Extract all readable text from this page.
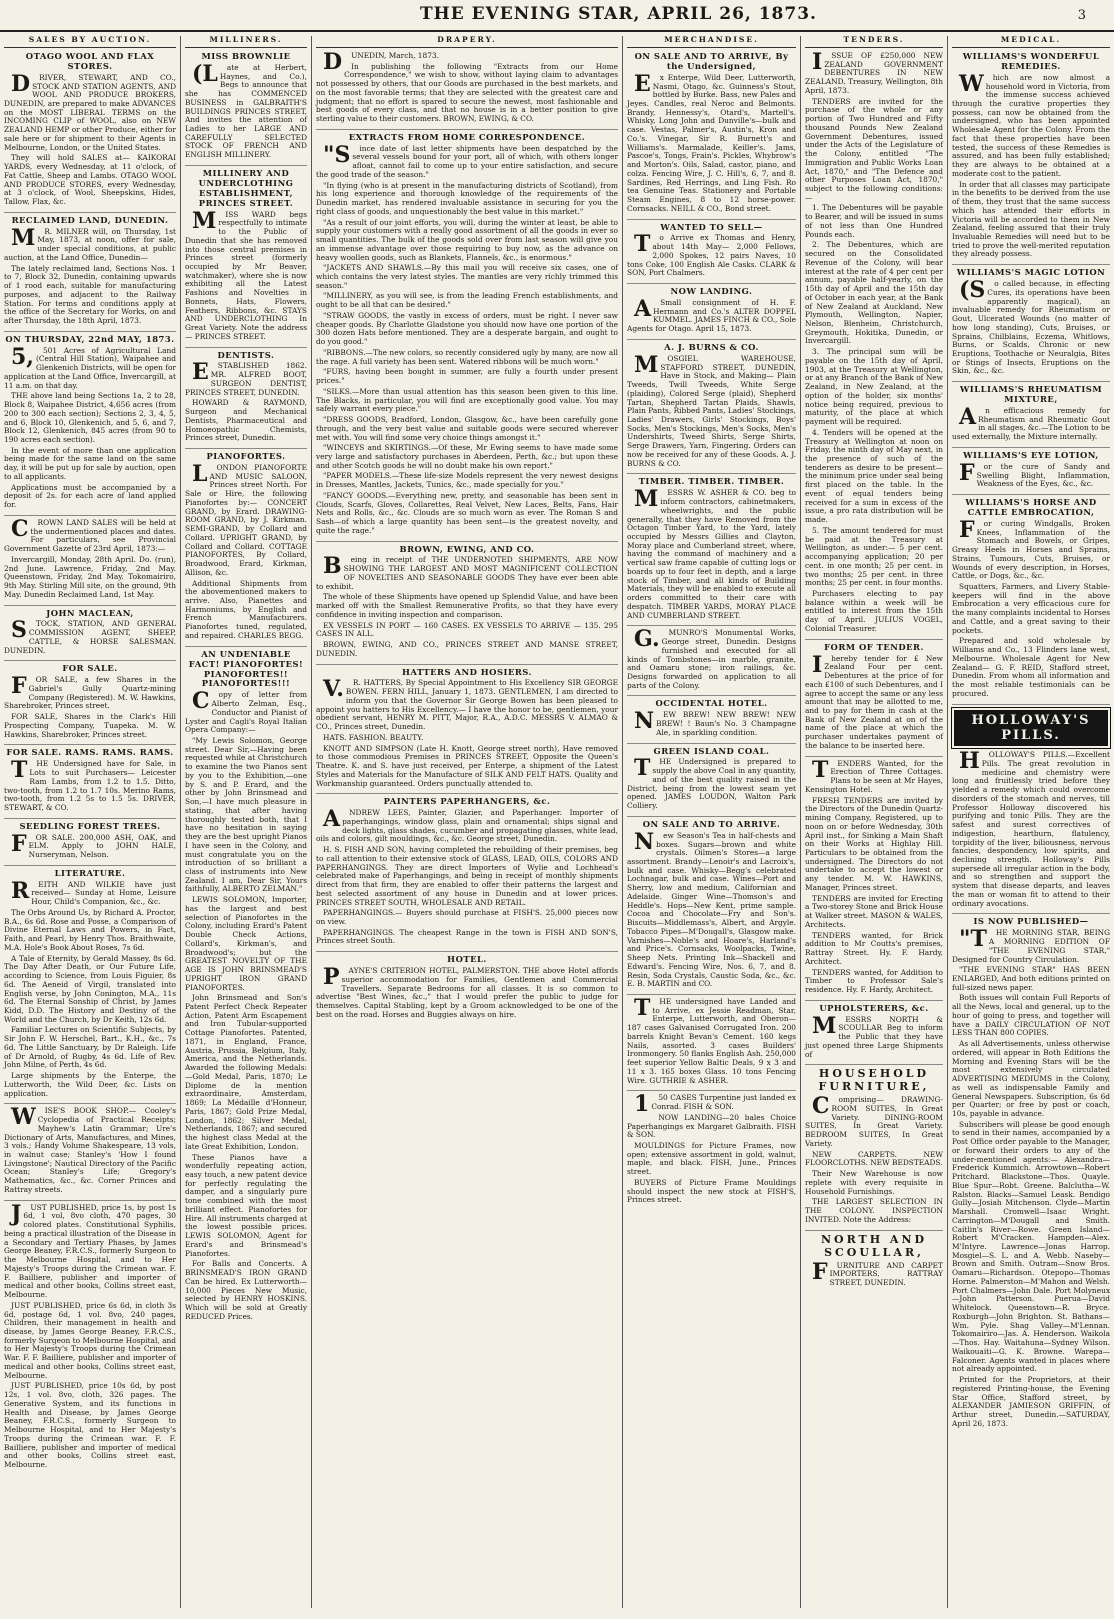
THE EVENING STAR, APRIL 26, 1873.	3
SALES BY AUCTION.
OTAGO WOOL AND FLAX STORES.

DRIVER, STEWART, AND CO., STOCK AND STATION AGENTS, AND WOOL AND PRODUCE BROKERS, DUNEDIN, are prepared to make ADVANCES on the MOST LIBERAL TERMS on the INCOMING CLIP of WOOL, also on NEW ZEALAND HEMP or other Produce, either for sale here or for shipment to their Agents in Melbourne, London, or the United States.

They will hold SALES at— KAIKORAI YARDS, every Wednesday, at 11 o'clock, of Fat Cattle, Sheep and Lambs. OTAGO WOOL AND PRODUCE STORES, every Wednesday, at 3 o'clock, of Wool, Sheepskins, Hides, Tallow, Flax, &c.

RECLAIMED LAND, DUNEDIN.

MR. MILNER will, on Thursday, 1st May, 1873, at noon, offer for sale, under special conditions, at public auction, at the Land Office, Dunedin—

The lately reclaimed land, Sections Nos. 1 to 7, Block 32, Dunedin, containing upwards of 1 rood each, suitable for manufacturing purposes, and adjacent to the Railway Station. For terms and conditions apply at the office of the Secretary for Works, on and after Thursday, the 18th April, 1873.

ON THURSDAY, 22nd MAY, 1873.

5,501 Acres of Agricultural Land (Central Hill Station), Waipahee and Glenkenich Districts, will be open for application at the Land Office, Invercargill, at 11 a.m. on that day.

THE above land being Sections 1a, 2 to 28, Block 8, Waipahee District, 4,656 acres (from 200 to 300 each section); Sections 2, 3, 4, 5, and 6, Block 10, Glenkenich, and 5, 6, and 7, Block 12, Glenkenich, 845 acres (from 90 to 190 acres each section).

In the event of more than one application being made for the same land on the same day, it will be put up for sale by auction, open to all applicants.

Applications must be accompanied by a deposit of 2s. for each acre of land applied for.

CROWN LAND SALES will be held at the undermentioned places and dates. For particulars, see Provincial Government Gazette of 23rd April, 1873:—

Invercargill, Monday, 28th April. Do. (run), 2nd June. Lawrence, Friday, 2nd May. Queenstown, Friday, 2nd May. Tokomairiro, 9th May. Stirling Mill site, on the ground, 9th May. Dunedin Reclaimed Land, 1st May.

JOHN MACLEAN,

STOCK, STATION, AND GENERAL COMMISSION AGENT, SHEEP, CATTLE, & HORSE SALESMAN. DUNEDIN.

FOR SALE.

FOR SALE, a few Shares in the Gabriel's Gully Quartz-mining Company (Registered). M. W. Hawkins, Sharebroker, Princes street.

FOR SALE, Shares in the Clark's Hill Prospecting Company, Tuapeka. M. W. Hawkins, Sharebroker, Princes street.

FOR SALE. RAMS. RAMS. RAMS.

THE Undersigned have for Sale, in Lots to suit Purchasers— Leicester Ram Lambs, from 1.2 to 1.5. Ditto, two-tooth, from 1.2 to 1.7 10s. Merino Rams, two-tooth, from 1.2 5s to 1.5 5s. DRIVER, STEWART, & CO.

SEEDLING FOREST TREES.

FOR SALE. 200,000 ASH, OAK, and ELM. Apply to JOHN HALE, Nurseryman, Nelson.

LITERATURE.

REITH AND WILKIE have just received— Sunday at Home, Leisure Hour, Child's Companion, &c., &c.

The Orbs Around Us, by Richard A. Proctor, B.A., 6s 6d. Rose and Posse, a Comparison of Divine Eternal Laws and Powers, in Fact, Faith, and Pearl, by Henry Thos. Braithwaite, M.A. Hole's Book About Roses, 7s 6d.

A Tale of Eternity, by Gerald Massey, 8s 6d. The Day After Death, or Our Future Life, according to Science, from Louis Figuier, 8s 6d. The Aeneid of Virgil, translated into English verse, by John Conington, M.A., 11s 6d. The Eternal Sonship of Christ, by James Kidd, D.D. The History and Destiny of the World and the Church, by Dr Keith, 12s 6d.

Familiar Lectures on Scientific Subjects, by Sir John F. W. Herschel, Bart., K.H., &c., 7s 6d. The Little Sanctuary, by Dr Raleigh. Life of Dr Arnold, of Rugby, 4s 6d. Life of Rev. John Milne, of Perth, 4s 6d.

Large shipments by the Enterpe, the Lutterworth, the Wild Deer, &c. Lists on application.

WISE'S BOOK SHOP.— Cooley's Cyclopedia of Practical Receipts; Mayhew's Latin Grammar; Ure's Dictionary of Arts, Manufactures, and Mines, 3 vols.; Handy Volume Shakespeare, 13 vols, in walnut case; Stanley's 'How I found Livingstone'; Nautical Directory of the Pacific Ocean; Stanley's Life; Gregory's Mathematics, &c., &c. Corner Princes and Rattray streets.

JUST PUBLISHED, price 1s, by post 1s 6d, 1 vol, 8vo cloth, 470 pages, 30 colored plates. Constitutional Syphilis, being a practical illustration of the Disease in a Secondary and Tertiary Phases, by James George Beaney, F.R.C.S., formerly Surgeon to the Melbourne Hospital, and to Her Majesty's Troops during the Crimean war. F. F. Bailliere, publisher and importer of medical and other books, Collins street east, Melbourne.

JUST PUBLISHED, price 6s 6d, in cloth 3s 6d, postage 6d, 1 vol. 8vo, 240 pages, Children, their management in health and disease, by James George Beaney, F.R.C.S., formerly Surgeon to Melbourne Hospital, and to Her Majesty's Troops during the Crimean War. F. F. Bailliere, publisher and importer of medical and other books, Collins street east, Melbourne.

JUST PUBLISHED, price 10s 6d, by post 12s, 1 vol. 8vo, cloth, 326 pages. The Generative System, and its functions in Health and Disease, by James George Beaney, F.R.C.S., formerly Surgeon to Melbourne Hospital, and to Her Majesty's Troops during the Crimean war. F. F. Bailliere, publisher and importer of medical and other books, Collins street east, Melbourne.

MILLINERS.
MISS BROWNLIE

(Late at Herbert, Haynes, and Co.), Begs to announce that she has COMMENCED BUSINESS in GALBRAITH'S BUILDINGS PRINCES STREET, And invites the attention of Ladies to her LARGE AND CAREFULLY SELECTED STOCK OF FRENCH AND ENGLISH MILLINERY.

MILLINERY AND UNDERCLOTHING ESTABLISHMENT, PRINCES STREET.

MISS WARD begs respectfully to intimate to the Public of Dunedin that she has removed into those central premises in Princes street (formerly occupied by Mr Beaver, watchmaker), where she is now exhibiting all the Latest Fashions and Novelties in Bonnets, Hats, Flowers, Feathers, Ribbons, &c. STAYS AND UNDERCLOTHING In Great Variety. Note the address— PRINCES STREET.

DENTISTS.

ESTABLISHED 1862. MR. ALFRED BOOT, SURGEON DENTIST, PRINCES STREET, DUNEDIN.

HOWARD & RAYMOND, Surgeon and Mechanical Dentists, Pharmaceutical and Homoeopathic Chemists, Princes street, Dunedin.

PIANOFORTES.

LONDON PIANOFORTE AND MUSIC SALOON, Princes street North. For Sale or Hire, the following Pianofortes by:— CONCERT GRAND, by Erard. DRAWING-ROOM GRAND, by J. Kirkman. SEMI-GRAND, by Collard and Collard. UPRIGHT GRAND, by Collard and Collard. COTTAGE PIANOFORTES, By Collard, Broadwood, Erard, Kirkman, Allison, &c.

Additional Shipments from the abovementioned makers to arrive. Also, Pianettes and Harmoniums, by English and French Manufacturers. Pianofortes tuned, regulated, and repaired. CHARLES BEGG.

AN UNDENIABLE FACT! PIANOFORTES! PIANOFORTES!! PIANOFORTES!!!

Copy of letter from Alberto Zelman, Esq., Conductor and Pianist of Lyster and Cagli's Royal Italian Opera Company:—

"My Lewis Solomon, George street. Dear Sir,—Having been requested while at Christchurch to examine the two Pianos sent by you to the Exhibition,—one by S. and P. Erard, and the other by John Brinsmead and Son,—I have much pleasure in stating, that after having thoroughly tested both, that I have no hesitation in saying they are the best upright Pianos I have seen in the Colony, and must congratulate you on the introduction of so brilliant a class of instruments into New Zealand. I am, Dear Sir, Yours faithfully, ALBERTO ZELMAN."

LEWIS SOLOMON, Importer, has the largest and best selection of Pianofortes in the Colony, including Erard's Patent Double Check Actions, Collard's, Kirkman's, and Broadwood's; but the GREATEST NOVELTY OF THE AGE IS JOHN BRINSMEAD'S UPRIGHT IRON GRAND PIANOFORTES.

John Brinsmead and Son's Patent Perfect Check Repeater Action, Patent Arm Escapement and Iron Tubular-supported Cottage Pianofortes. Patented, 1871, in England, France, Austria, Prussia, Belgium, Italy, America, and the Netherlands. Awarded the following Medals:—Gold Medal, Paris, 1870; Le Diplome de la mention extraordinaire, Amsterdam, 1869; La Médaille d'Honneur, Paris, 1867; Gold Prize Medal, London, 1862; Silver Medal, Netherlands, 1867; and secured the highest class Medal at the late Great Exhibition, London.

These Pianos have a wonderfully repeating action, easy touch, a new patent device for perfectly regulating the damper, and a singularly pure tone combined with the most brilliant effect. Pianofortes for Hire. All instruments charged at the lowest possible prices. LEWIS SOLOMON, Agent for Erard's and Brinsmead's Pianofortes.

For Balls and Concerts. A BRINSMEAD'S IRON GRAND Can be hired. Ex Lutterworth— 10,000 Pieces New Music, selected by HENRY HOSKINS. Which will be sold at Greatly REDUCED Prices.

DRAPERY.

DUNEDIN, March, 1873.

In publishing the following "Extracts from our Home Correspondence," we wish to show, without laying claim to advantages not possessed by others, that our Goods are purchased in the best markets, and on the most favorable terms; that they are selected with the greatest care and judgment; that no effort is spared to secure the newest, most fashionable and best goods of every class, and that no house is in a better position to give sterling value to their customers. BROWN, EWING, & CO.

EXTRACTS FROM HOME CORRESPONDENCE.

"Since date of last letter shipments have been despatched by the several vessels bound for your port, all of which, with others longer afloat, cannot fail to come up to your entire satisfaction, and secure the good trade of the season."

"In flying (who is at present in the manufacturing districts of Scotland), from his long experience and thorough knowledge of the requirements of the Dunedin market, has rendered invaluable assistance in securing for you the right class of goods, and unquestionably the best value in this market."

"As a result of our joint efforts, you will, during the winter at least, be able to supply your customers with a really good assortment of all the goods in ever so small quantities. The bulk of the goods sold over from last season will give you an immense advantage over those requiring to buy now, as the advance on heavy woollen goods, such as Blankets, Flannels, &c., is enormous."

"JACKETS AND SHAWLS.—By this mail you will receive six cases, one of which contains the very latest styles. The mantles are very richly trimmed this season."

"MILLINERY, as you will see, is from the leading French establishments, and ought to be all that can be desired."

"STRAW GOODS, the vastly in excess of orders, must be right. I never saw cheaper goods. By Charlotte Gladstone you should now have one portion of the 300 dozen Hats before mentioned. They are a desperate bargain, and ought to do you good."

"RIBBONS.—The new colors, so recently considered ugly by many, are now all the rage. A full variety has been sent. Watered ribbons will be much worn."

"FURS, having been bought in summer, are fully a fourth under present prices."

"SILKS.—More than usual attention has this season been given to this line. The Blacks, in particular, you will find are exceptionally good value. You may safely warrant every piece."

"DRESS GOODS, Bradford, London, Glasgow, &c., have been carefully gone through, and the very best value and suitable goods were secured wherever met with. You will find some very choice things amongst it."

"WINCEYS and SKIRTINGS.—Of these, Mr Ewing seems to have made some very large and satisfactory purchases in Aberdeen, Perth, &c.; but upon these and other Scotch goods he will no doubt make his own report."

"PAPER MODELS.—These life-size Models represent the very newest designs in Dresses, Mantles, Jackets, Tunics, &c., made specially for you."

"FANCY GOODS.—Everything new, pretty, and seasonable has been sent in Clouds, Scarfs, Gloves, Collarettes, Real Velvet, New Laces, Belts, Fans, Hair Nets and Rolls, &c., &c. Clouds are so much worn as ever. The Roman S and Sash—of which a large quantity has been sent—is the greatest novelty, and quite the rage."

BROWN, EWING, AND CO.

Being in receipt of THE UNDERNOTED SHIPMENTS, ARE NOW SHOWING THE LARGEST AND MOST MAGNIFICENT COLLECTION OF NOVELTIES AND SEASONABLE GOODS They have ever been able to exhibit.

The whole of these Shipments have opened up Splendid Value, and have been marked off with the Smallest Remunerative Profits, so that they have every confidence in inviting inspection and comparison.

EX VESSELS IN PORT — 160 CASES. EX VESSELS TO ARRIVE — 135. 295 CASES IN ALL.

BROWN, EWING, AND CO., PRINCES STREET AND MANSE STREET, DUNEDIN.

HATTERS AND HOSIERS.

V.R. HATTERS, By Special Appointment to His Excellency SIR GEORGE BOWEN. FERN HILL, January 1, 1873. GENTLEMEN, I am directed to inform you that the Governor Sir George Bowen has been pleased to appoint you hatters to His Excellency.— I have the honor to be, gentlemen, your obedient servant, HENRY M. PITT, Major, R.A., A.D.C. MESSRS V. ALMAO & CO., Princes street, Dunedin.

HATS. FASHION. BEAUTY.

KNOTT AND SIMPSON (Late H. Knott, George street north), Have removed to those commodious Premises in PRINCES STREET, Opposite the Queen's Theatre. K. and S. have just received, per Enterpe, a shipment of the Latest Styles and Materials for the Manufacture of SILK AND FELT HATS. Quality and Workmanship guaranteed. Orders punctually attended to.

PAINTERS PAPERHANGERS, &c.

ANDREW LEES, Painter, Glazier, and Paperhanger. Importer of paperhangings, window glass, plain and ornamental; ships signal and deck lights, glass shades, cucumber and propagating glasses, white lead, oils and colors, gilt mouldings, &c., &c. George street, Dunedin.

H. S. FISH AND SON, having completed the rebuilding of their premises, beg to call attention to their extensive stock of GLASS, LEAD, OILS, COLORS AND PAPERHANGINGS. They are direct Importers of Wylie and Lochhead's celebrated make of Paperhangings, and being in receipt of monthly shipments direct from that firm, they are enabled to offer their patterns the largest and best selected assortment of any house in Dunedin and at lower prices. PRINCES STREET SOUTH, WHOLESALE AND RETAIL.

PAPERHANGINGS.— Buyers should purchase at FISH'S. 25,000 pieces now on view.

PAPERHANGINGS. The cheapest Range in the town is FISH AND SON'S, Princes street South.

HOTEL.

PAYNE'S CRITERION HOTEL, PALMERSTON. THE above Hotel affords superior accommodation for Families, Gentlemen and Commercial Travellers. Separate Bedrooms for all classes. It is so common to advertise "Best Wines, &c.," that I would prefer the public to judge for themselves. Capital Stabling, kept by a Groom acknowledged to be one of the best on the road. Horses and Buggies always on hire.

MERCHANDISE.
ON SALE AND TO ARRIVE, By the Undersigned,

Ex Enterpe, Wild Deer, Lutterworth, Nasmi, Otago, &c. Guinness's Stout, bottled by Burke. Bass, new Pales and Jeyes. Candles, real Neroc and Belmonts. Brandy, Hennessy's, Otard's, Martell's. Whisky, Long John and Dunville's—bulk and case. Vestas, Palmer's, Austin's, Kron and Co.'s. Vinegar, Sir R. Burnett's and Williams's. Marmalade, Keiller's. Jams, Pascoe's, Tongs, Frain's. Pickles, Whybrow's and Morton's. Oils, Salad, castor, piano, and colza. Fencing Wire, J. C. Hill's, 6, 7, and 8. Sardines, Red Herrings, and Ling Fish. Ro tea Genuine Teas. Stationery and Portable Steam Engines, 8 to 12 horse-power. Cornsacks. NEILL & CO., Bond street.

WANTED TO SELL—

To Arrive ex Thomas and Henry, about 14th May— 2,000 Fellows, 2,000 Spokes, 12 pairs Naves, 10 tons Coke, 100 English Ale Casks. CLARK & SON, Port Chalmers.

NOW LANDING.

ASmall consignment of H. F. Hermann and Co.'s ALTER DOPPEL KUMMEL. JAMES FINCH & CO., Sole Agents for Otago. April 15, 1873.

A. J. BURNS & CO.

MOSGIEL WAREHOUSE, STAFFORD STREET, DUNEDIN, Have in Stock, and Making— Plain Tweeds, Twill Tweeds, White Serge (plaiding), Colored Serge (plaid), Shepherd Tartan, Shepherd Tartan Plaids, Shawls, Plain Pants, Ribbed Pants, Ladies' Stockings, Ladies' Drawers, Girls' Stockings, Boys' Socks, Men's Stockings, Men's Socks, Men's Undershirts, Tweed Shirts, Serge Shirts, Serge Drawers, Yarn, Fingering. Orders can now be received for any of these Goods. A. J. BURNS & CO.

TIMBER. TIMBER. TIMBER.

MESSRS W. ASHER & CO. beg to inform contractors, cabinetmakers, wheelwrights, and the public generally, that they have Removed from the Octagon Timber Yard, to the Yard, lately occupied by Messrs Gillies and Clayton, Moray place and Cumberland street, where, having the command of machinery and a vertical saw frame capable of cutting logs or boards up to four feet in depth, and a large stock of Timber, and all kinds of Building Materials, they will be enabled to execute all orders committed to their care with despatch. TIMBER YARDS, MORAY PLACE AND CUMBERLAND STREET.

G.MUNRO'S Monumental Works, George street, Dunedin. Designs furnished and executed for all kinds of Tombstones—in marble, granite, and Oamaru stone; iron railings, &c. Designs forwarded on application to all parts of the Colony.

OCCIDENTAL HOTEL.

NEW BREW! NEW BREW! NEW BREW! ! Baun's No. 3 Champagne Ale, in sparkling condition.

GREEN ISLAND COAL.

THE Undersigned is prepared to supply the above Coal in any quantity, and of the best quality raised in the District, being from the lowest seam yet opened. JAMES LOUDON, Walton Park Colliery.

ON SALE AND TO ARRIVE.

New Season's Tea in half-chests and boxes. Sugars—brown and white crystals. Oilmen's Stores—a large assortment. Brandy—Lenoir's and Lacroix's, bulk and case. Whisky—Begg's celebrated Lochnagar, bulk and case. Wines—Port and Sherry, low and medium, Californian and Adelaide. Ginger Wine—Thomson's and Heddle's. Hops—New Kent, prime sample. Cocoa and Chocolate—Fry and Son's. Biscuits—Middlemass's, Albert, and Argyle. Tobacco Pipes—M'Dougall's, Glasgow make. Varnishes—Noble's and Hoare's, Harland's and Price's. Cornsacks, Woolpacks, Twine, Sheep Nets. Printing Ink—Shackell and Edward's. Fencing Wire, Nos. 6, 7, and 8. Resin, Soda Crystals, Caustic Soda, &c., &c. E. B. MARTIN and CO.

THE undersigned have Landed and to Arrive, ex Jessie Readman, Star, Enterpe, Lutterworth, and Oberon— 187 cases Galvanised Corrugated Iron. 200 barrels Knight Bevan's Cement. 160 kegs Nails, assorted. 3 cases Builders' Ironmongery. 50 flanks English Ash. 250,000 feet superior Yellow Baltic Deals, 9 x 3 and 11 x 3. 165 boxes Glass. 10 tons Fencing Wire. GUTHRIE & ASHER.

150 CASES Turpentine just landed ex Conrad. FISH & SON.

NOW LANDING—20 bales Choice Paperhangings ex Margaret Galbraith. FISH & SON.

MOULDINGS for Picture Frames, now open; extensive assortment in gold, walnut, maple, and black. FISH, June., Princes street.

BUYERS of Picture Frame Mouldings should inspect the new stock at FISH'S, Princes street.

TENDERS.

ISSUE OF £250,000 NEW ZEALAND GOVERNMENT DEBENTURES IN NEW ZEALAND. Treasury, Wellington, 8th April, 1873.

TENDERS are invited for the purchase of the whole or any portion of Two Hundred and Fifty thousand Pounds New Zealand Government Debentures, issued under the Acts of the Legislature of the Colony, entitled "The Immigration and Public Works Loan Act, 1870," and "The Defence and other Purposes Loan Act, 1870," subject to the following conditions:—

1. The Debentures will be payable to Bearer, and will be issued in sums of not less than One Hundred Pounds each.

2. The Debentures, which are secured on the Consolidated Revenue of the Colony, will bear interest at the rate of 4 per cent per annum, payable half-yearly, on the 15th day of April and the 15th day of October in each year, at the Bank of New Zealand at Auckland, New Plymouth, Wellington, Napier, Nelson, Blenheim, Christchurch, Greymouth, Hokitika, Dunedin, or Invercargill.

3. The principal sum will be payable on the 15th day of April, 1903, at the Treasury at Wellington, or at any Branch of the Bank of New Zealand, in New Zealand, at the option of the holder, six months' notice being required, previous to maturity, of the place at which payment will be required.

4. Tenders will be opened at the Treasury at Wellington at noon on Friday, the ninth day of May next, in the presence of such of the tenderers as desire to be present—the minimum price under seal being first placed on the table. In the event of equal tenders being received for a sum in excess of the issue, a pro rata distribution will be made.

5. The amount tendered for must be paid at the Treasury at Wellington, as under:— 5 per cent. accompanying application; 20 per cent. in one month; 25 per cent. in two months; 25 per cent. in three months; 25 per cent. in four months.

Purchasers electing to pay balance within a week will be entitled to interest from the 15th day of April. JULIUS VOGEL, Colonial Treasurer.

FORM OF TENDER.

Ihereby tender for £ New Zealand Four per cent. Debentures at the price of for each £100 of such Debentures, and I agree to accept the same or any less amount that may be allotted to me, and to pay for them in cash at the Bank of New Zealand at on of the name of the place at which the purchaser undertakes payment of the balance to be inserted here.

TENDERS Wanted, for the Erection of Three Cottages. Plans to be seen at Mr Hayes, Kensington Hotel.

FRESH TENDERS are invited by the Directors of the Dunedin Quartz-mining Company, Registered, up to noon on or before Wednesday, 30th April inst., for Sinking a Main Shaft on their Works at Highlay Hill. Particulars to be obtained from the undersigned. The Directors do not undertake to accept the lowest or any tender. M. W. HAWKINS, Manager, Princes street.

TENDERS are invited for Erecting a Two-storey Stone and Brick House at Walker street. MASON & WALES, Architects.

TENDERS wanted, for Brick addition to Mr Coutts's premises, Rattray Street. Hy. F. Hardy, Architect.

TENDERS wanted, for Addition to Timber to Professor Sale's residence. Hy. F. Hardy, Architect.

UPHOLSTERERS, &c.

MESSRS NORTH & SCOULLAR Beg to inform the Public that they have just opened three Large Shipments of

HOUSEHOLD FURNITURE,

Comprising— DRAWING-ROOM SUITES, In Great Variety. DINING-ROOM SUITES, In Great Variety. BEDROOM SUITES, In Great Variety.

NEW CARPETS. NEW FLOORCLOTHS. NEW BEDSTEADS.

Their New Warehouse is now replete with every requisite in Household Furnishings.

THE LARGEST SELECTION IN THE COLONY. INSPECTION INVITED. Note the Address:

NORTH AND SCOULLAR,

FURNITURE AND CARPET IMPORTERS, RATTRAY STREET, DUNEDIN.

MEDICAL.
WILLIAMS'S WONDERFUL REMEDIES.

Which are now almost a household word in Victoria, from the immense success achieved through the curative properties they possess, can now be obtained from the undersigned, who has been appointed Wholesale Agent for the Colony. From the fact that these properties have been tested, the success of these Remedies is assured, and has been fully established; they are always to be obtained at a moderate cost to the patient.

In order that all classes may participate in the benefits to be derived from the use of them, they trust that the same success which has attended their efforts in Victoria will be accorded to them in New Zealand, feeling assured that their truly Invaluable Remedies will need but to be tried to prove the well-merited reputation they already possess.

WILLIAMS'S MAGIC LOTION

(So called because, in effecting Cures, its operations have been apparently magical), an invaluable remedy for Rheumatism or Gout, Ulcerated Wounds (no matter of how long standing), Cuts, Bruises, or Sprains, Chilblains, Eczema, Whitlows, Burns, or Scalds, Chronic or new Eruptions, Toothache or Neuralgia, Bites or Stings of Insects, Eruptions on the Skin, &c., &c.

WILLIAMS'S RHEUMATISM MIXTURE,

An efficacious remedy for Rheumatism and Rheumatic Gout in all stages, &c.—The Lotion to be used externally, the Mixture internally.

WILLIAMS'S EYE LOTION,

For the cure of Sandy and Swelling Blight, Inflammation, Weakness of the Eyes, &c., &c.

WILLIAMS'S HORSE AND CATTLE EMBROCATION,

For curing Windgalls, Broken Knees, Inflammation of the Stomach and Bowels, or Gripes, Greasy Heels in Horses and Sprains, Strains, Tumours, Cuts, Bruises, or Wounds of every description, in Horses, Cattle, or Dogs, &c., &c.

Squatters, Farmers, and Livery Stable-keepers will find in the above Embrocation a very efficacious cure for the many complaints incidental to Horses and Cattle, and a great saving to their pockets.

Prepared and sold wholesale by Williams and Co., 13 Flinders lane west, Melbourne. Wholesale Agent for New Zealand— G. F. REID, Stafford street, Dunedin. From whom all information and the most reliable testimonials can be procured.

HOLLOWAY'S PILLS.

HOLLOWAY'S PILLS.—Excellent Pills. The great revolution in medicine and chemistry were long and fruitlessly tried before they yielded a remedy which could overcome disorders of the stomach and nerves, till Professor Holloway discovered his purifying and tonic Pills. They are the safest and surest correctives of indigestion, heartburn, flatulency, torpidity of the liver, biliousness, nervous fancies, despondency, low spirits, and declining strength. Holloway's Pills supersede all irregular action in the body, and so strengthen and support the system that disease departs, and leaves the man or woman fit to attend to their ordinary avocations.

IS NOW PUBLISHED—

"THE MORNING STAR, BEING A MORNING EDITION OF "THE EVENING STAR," Designed for Country Circulation.

"THE EVENING STAR" HAS BEEN ENLARGED, And both editions printed on full-sized news paper.

Both issues will contain Full Reports of all the News, local and general, up to the hour of going to press, and together will have a DAILY CIRCULATION OF NOT LESS THAN 800 COPIES.

As all Advertisements, unless otherwise ordered, will appear in Both Editions the Morning and Evening Stars will be the most extensively circulated ADVERTISING MEDIUMS in the Colony, as well as indispensable Family and General Newspapers. Subscription, 6s 6d per Quarter; or free by post or coach, 10s, payable in advance.

Subscribers will please be good enough to send in their names, accompanied by a Post Office order payable to the Manager, or forward their orders to any of the under-mentioned agents:— Alexandra—Frederick Kummich. Arrowtown—Robert Pritchard. Blackstone—Thos. Quayle. Blue Spur—Robt. Greene. Balclutha—W. Ralston. Blacks—Samuel Leask. Bendigo Gully—Josiah Mitchenson. Clyde—Martin Marshall. Cromwell—Isaac Wright. Carrington—M'Dougall and Smith. Caitlin's River—Rowe. Green Island—Robert M'Cracken. Hampden—Alex. M'Intyre. Lawrence—Jonas Harrop. Mosgiel—S. L. and A. Webb. Naseby—Brown and Smith. Outram—Snow Bros. Oamaru—Richardson. Otepopo—Thomas Horne. Palmerston—M'Mahon and Welsh. Port Chalmers—John Dale. Port Molyneux—John Patterson. Puerua—David Whitelock. Queenstown—R. Bryce. Roxburgh—John Brighton. St. Bathans—Wm. Pyle. Shag Valley—M'Lennan. Tokomairiro—Jas. A. Henderson. Waikola—Thos. Hay. Waitahuna—Sydney Wilson. Waikouaiti—G. K. Browne. Warepa—Falconer. Agents wanted in places where not already appointed.

Printed for the Proprietors, at their registered Printing-house, the Evening Star Office, Stafford street, by ALEXANDER JAMIESON GRIFFIN, of Arthur street, Dunedin.—SATURDAY, April 26, 1873.
